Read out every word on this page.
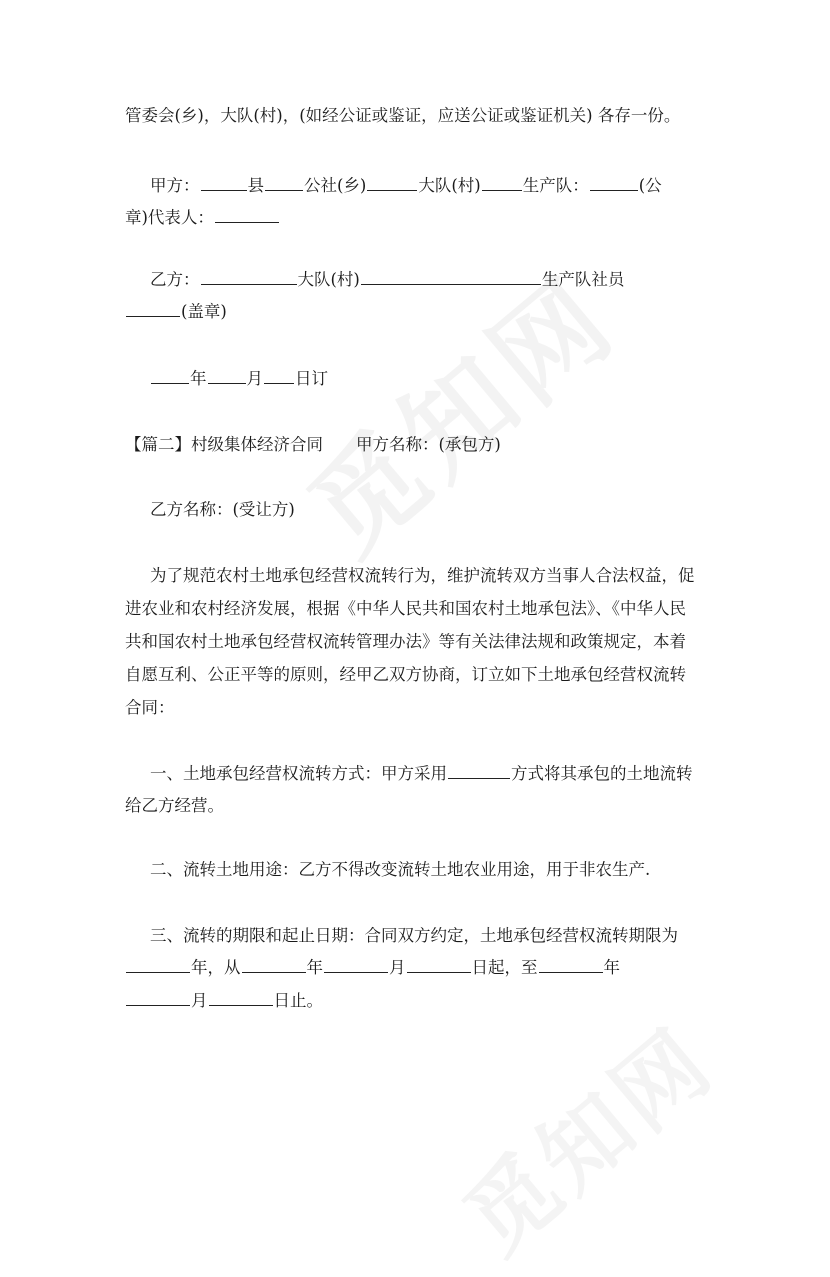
管委会(乡)，大队(村)，(如经公证或鉴证，应送公证或鉴证机关) 各存一份。
甲方：	县 公社(乡)	大队(村)	生产队：	(公
章)代表人：
乙方：	大队(村)	生产队社员
(盖章)
年 月 日订
【篇二】村级集体经济合同　　甲方名称：(承包方)
乙方名称：(受让方)
为了规范农村土地承包经营权流转行为，维护流转双方当事人合法权益，促
进农业和农村经济发展，根据《中华人民共和国农村土地承包法》、《中华人民
共和国农村土地承包经营权流转管理办法》等有关法律法规和政策规定，本着
自愿互利、公正平等的原则，经甲乙双方协商，订立如下土地承包经营权流转
合同：
一、土地承包经营权流转方式：甲方采用	方式将其承包的土地流转
给乙方经营。
二、流转土地用途：乙方不得改变流转土地农业用途，用于非农生产.
三、流转的期限和起止日期：合同双方约定，土地承包经营权流转期限为
年，从	年	月	日起，至	年
月	日止。
